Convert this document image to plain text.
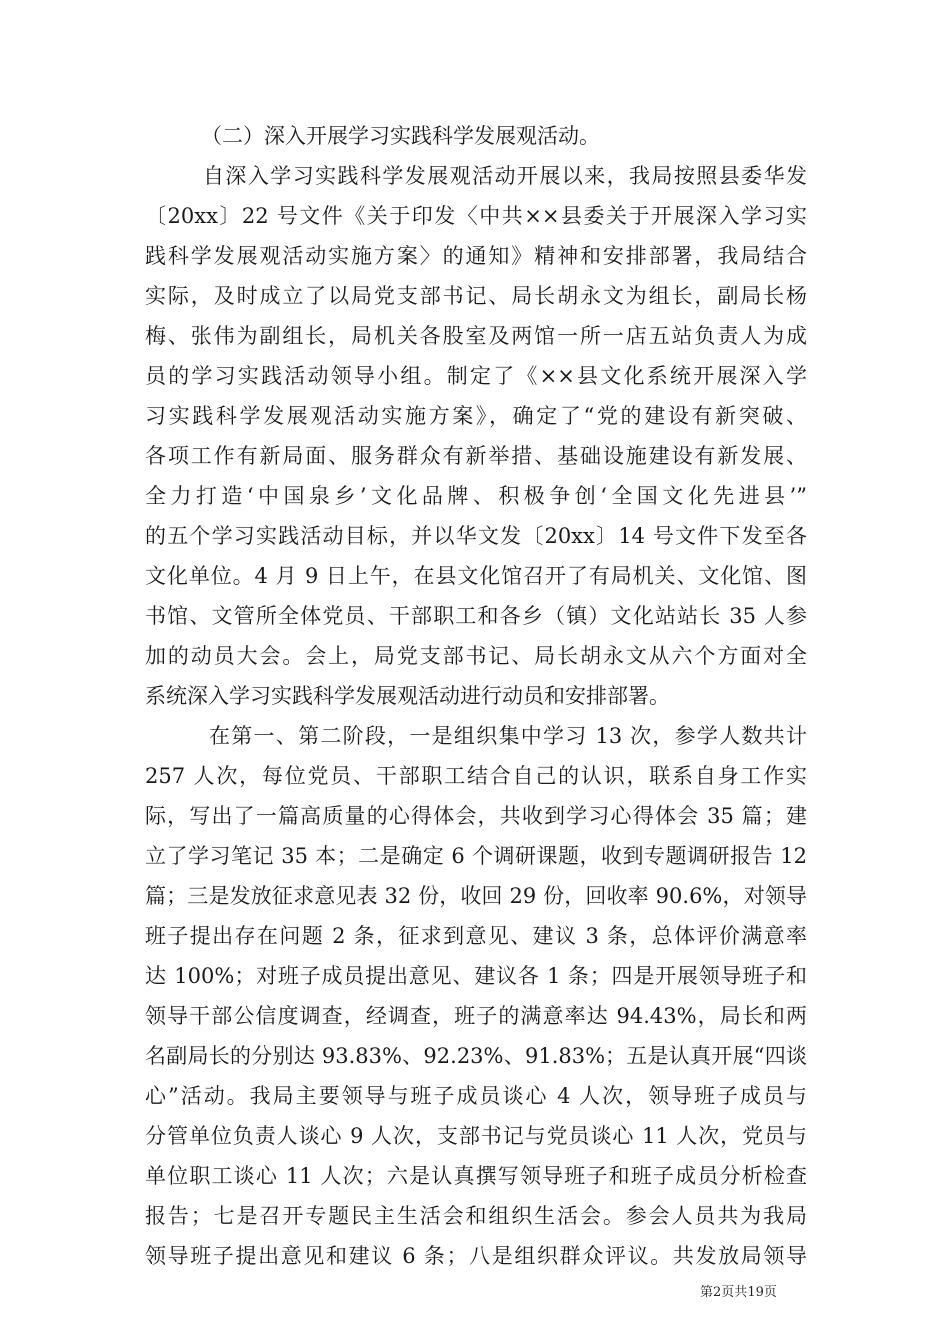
（二）深入开展学习实践科学发展观活动。
自深入学习实践科学发展观活动开展以来，我局按照县委华发
〔20xx〕22 号文件《关于印发〈中共××县委关于开展深入学习实
践科学发展观活动实施方案〉的通知》精神和安排部署，我局结合
实际，及时成立了以局党支部书记、局长胡永文为组长，副局长杨
梅、张伟为副组长，局机关各股室及两馆一所一店五站负责人为成
员的学习实践活动领导小组。制定了《××县文化系统开展深入学
习实践科学发展观活动实施方案》，确定了“党的建设有新突破、
各项工作有新局面、服务群众有新举措、基础设施建设有新发展、
全力打造‘中国泉乡’文化品牌、积极争创‘全国文化先进县’”
的五个学习实践活动目标，并以华文发〔20xx〕14 号文件下发至各
文化单位。4 月 9 日上午，在县文化馆召开了有局机关、文化馆、图
书馆、文管所全体党员、干部职工和各乡（镇）文化站站长 35 人参
加的动员大会。会上，局党支部书记、局长胡永文从六个方面对全
系统深入学习实践科学发展观活动进行动员和安排部署。
在第一、第二阶段，一是组织集中学习 13 次，参学人数共计
257 人次，每位党员、干部职工结合自己的认识，联系自身工作实
际，写出了一篇高质量的心得体会，共收到学习心得体会 35 篇；建
立了学习笔记 35 本；二是确定 6 个调研课题，收到专题调研报告 12
篇；三是发放征求意见表 32 份，收回 29 份，回收率 90.6%，对领导
班子提出存在问题 2 条，征求到意见、建议 3 条，总体评价满意率
达 100%；对班子成员提出意见、建议各 1 条；四是开展领导班子和
领导干部公信度调查，经调查，班子的满意率达 94.43%，局长和两
名副局长的分别达 93.83%、92.23%、91.83%；五是认真开展“四谈
心”活动。我局主要领导与班子成员谈心 4 人次，领导班子成员与
分管单位负责人谈心 9 人次，支部书记与党员谈心 11 人次，党员与
单位职工谈心 11 人次；六是认真撰写领导班子和班子成员分析检查
报告；七是召开专题民主生活会和组织生活会。参会人员共为我局
领导班子提出意见和建议 6 条；八是组织群众评议。共发放局领导
第2页共19页
